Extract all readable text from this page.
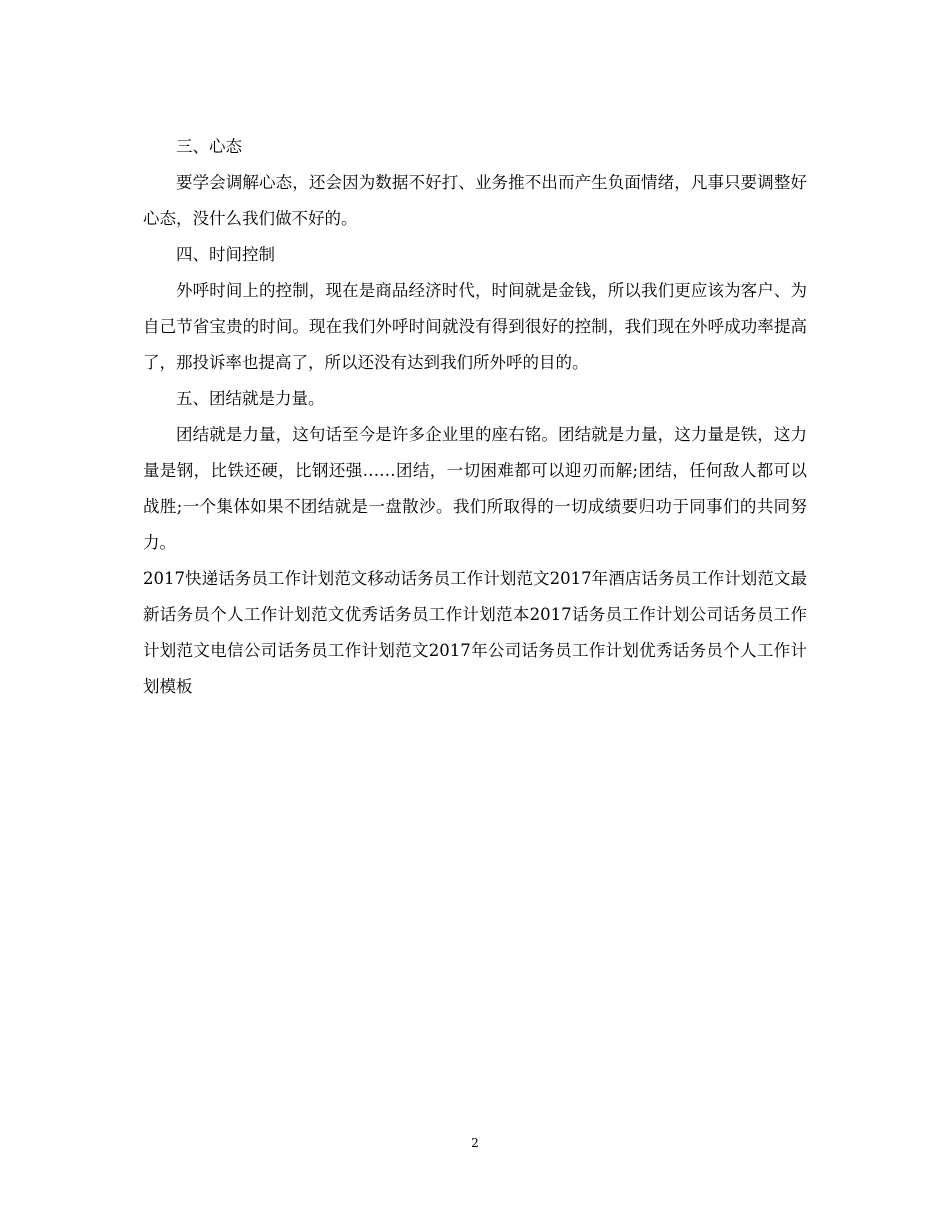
三、心态

要学会调解心态，还会因为数据不好打、业务推不出而产生负面情绪，凡事只要调整好心态，没什么我们做不好的。

四、时间控制

外呼时间上的控制，现在是商品经济时代，时间就是金钱，所以我们更应该为客户、为自己节省宝贵的时间。现在我们外呼时间就没有得到很好的控制，我们现在外呼成功率提高了，那投诉率也提高了，所以还没有达到我们所外呼的目的。

五、团结就是力量。

团结就是力量，这句话至今是许多企业里的座右铭。团结就是力量，这力量是铁，这力量是钢，比铁还硬，比钢还强……团结，一切困难都可以迎刃而解;团结，任何敌人都可以战胜;一个集体如果不团结就是一盘散沙。我们所取得的一切成绩要归功于同事们的共同努力。

2017快递话务员工作计划范文移动话务员工作计划范文2017年酒店话务员工作计划范文最新话务员个人工作计划范文优秀话务员工作计划范本2017话务员工作计划公司话务员工作计划范文电信公司话务员工作计划范文2017年公司话务员工作计划优秀话务员个人工作计划模板

2
